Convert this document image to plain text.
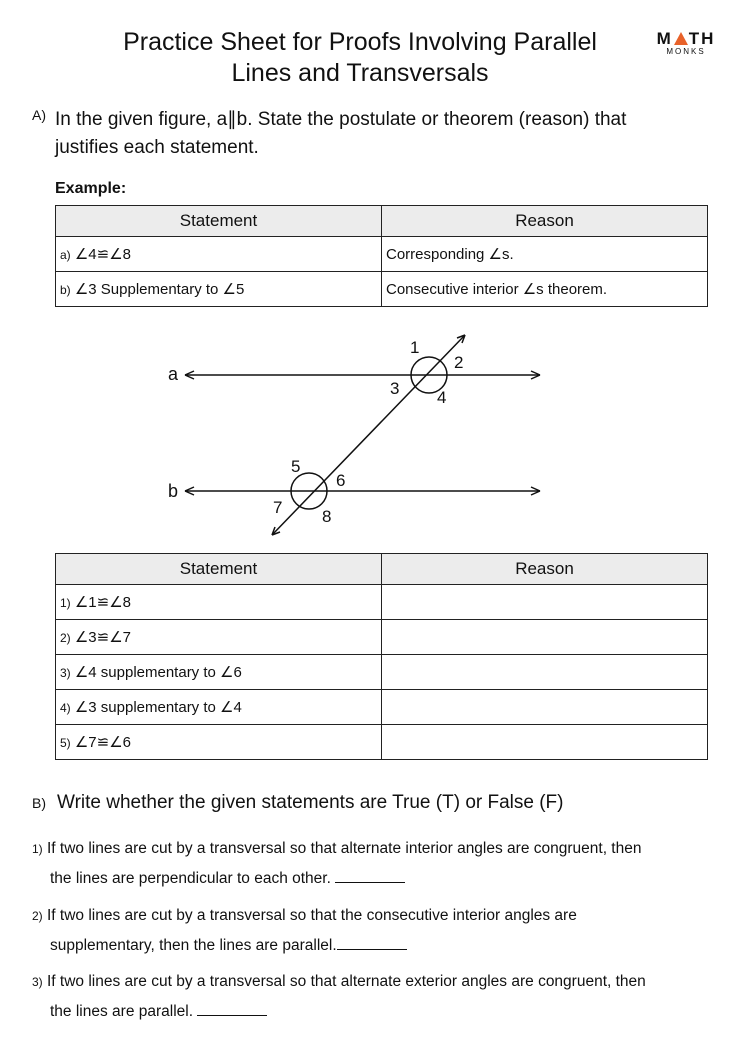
Practice Sheet for Proofs Involving Parallel
Lines and Transversals
M TH
MONKS
A) In the given figure, a∥b. State the postulate or theorem (reason) that
justifies each statement.
Example:
Statement	Reason
a) ∠4≌∠8	Corresponding ∠s.
b) ∠3 Supplementary to ∠5	Consecutive interior ∠s theorem.
a
b
1
2
3 4
5
6
7 8
Statement	Reason
1) ∠1≌∠8	
2) ∠3≌∠7	
3) ∠4 supplementary to ∠6	
4) ∠3 supplementary to ∠4	
5) ∠7≌∠6	
B) Write whether the given statements are True (T) or False (F)
1) If two lines are cut by a transversal so that alternate interior angles are congruent, then
the lines are perpendicular to each other.
2) If two lines are cut by a transversal so that the consecutive interior angles are
supplementary, then the lines are parallel.
3) If two lines are cut by a transversal so that alternate exterior angles are congruent, then
the lines are parallel.
